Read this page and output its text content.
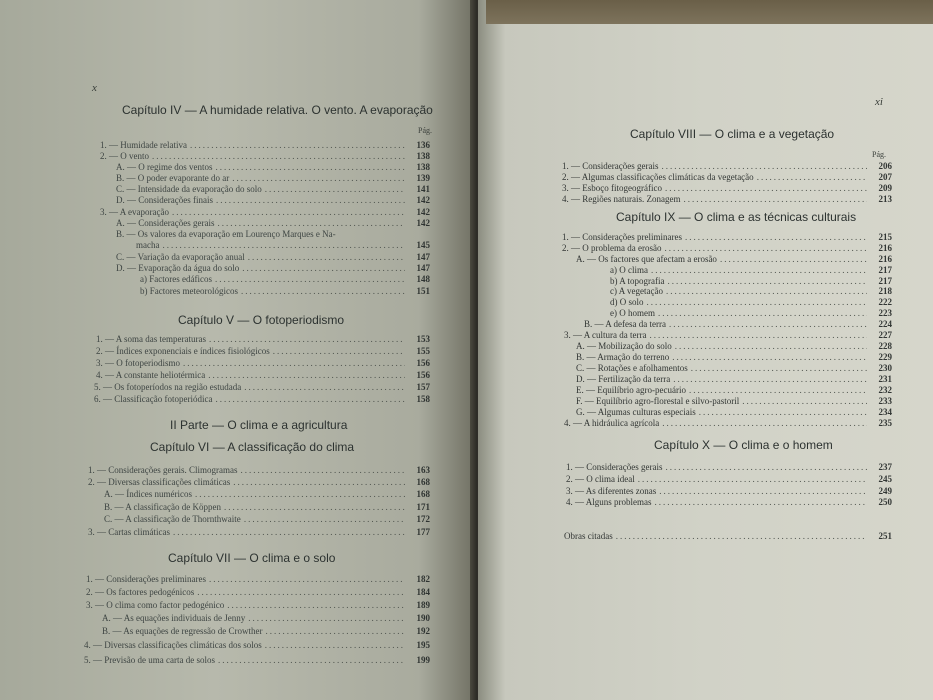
x
Capítulo IV — A humidade relativa. O vento. A evaporação
Pág.
1. — Humidade relativa .....	136
2. — O vento .....	138
A. — O regime dos ventos .....	138
B. — O poder evaporante do ar .....	139
C. — Intensidade da evaporação do solo .....	141
D. — Considerações finais .....	142
3. — A evaporação .....	142
A. — Considerações gerais .....	142
B. — Os valores da evaporação em Lourenço Marques e Na-
macha .....	145
C. — Variação da evaporação anual .....	147
D. — Evaporação da água do solo .....	147
a) Factores edáficos .....	148
b) Factores meteorológicos .....	151
Capítulo V — O fotoperiodismo
1. — A soma das temperaturas .....	153
2. — Índices exponenciais e índices fisiológicos .....	155
3. — O fotoperiodismo .....	156
4. — A constante heliotérmica .....	156
5. — Os fotoperíodos na região estudada .....	157
6. — Classificação fotoperiódica .....	158
II Parte — O clima e a agricultura
Capítulo VI — A classificação do clima
1. — Considerações gerais. Climogramas .....	163
2. — Diversas classificações climáticas .....	168
A. — Índices numéricos .....	168
B. — A classificação de Köppen .....	171
C. — A classificação de Thornthwaite .....	172
3. — Cartas climáticas .....	177
Capítulo VII — O clima e o solo
1. — Considerações preliminares .....	182
2. — Os factores pedogénicos .....	184
3. — O clima como factor pedogénico .....	189
A. — As equações individuais de Jenny .....	190
B. — As equações de regressão de Crowther .....	192
4. — Diversas classificações climáticas dos solos .....	195
5. — Previsão de uma carta de solos .....	199
xi
Capítulo VIII — O clima e a vegetação
Pág.
1. — Considerações gerais .....	206
2. — Algumas classificações climáticas da vegetação .....	207
3. — Esboço fitogeográfico .....	209
4. — Regiões naturais. Zonagem .....	213
Capítulo IX — O clima e as técnicas culturais
1. — Considerações preliminares .....	215
2. — O problema da erosão .....	216
A. — Os factores que afectam a erosão .....	216
a) O clima .....	217
b) A topografia .....	217
c) A vegetação .....	218
d) O solo .....	222
e) O homem .....	223
B. — A defesa da terra .....	224
3. — A cultura da terra .....	227
A. — Mobilização do solo .....	228
B. — Armação do terreno .....	229
C. — Rotações e afolhamentos .....	230
D. — Fertilização da terra .....	231
E. — Equilíbrio agro-pecuário .....	232
F. — Equilíbrio agro-florestal e silvo-pastoril .....	233
G. — Algumas culturas especiais .....	234
4. — A hidráulica agrícola .....	235
Capítulo X — O clima e o homem
1. — Considerações gerais .....	237
2. — O clima ideal .....	245
3. — As diferentes zonas .....	249
4. — Alguns problemas .....	250
Obras citadas .....	251
